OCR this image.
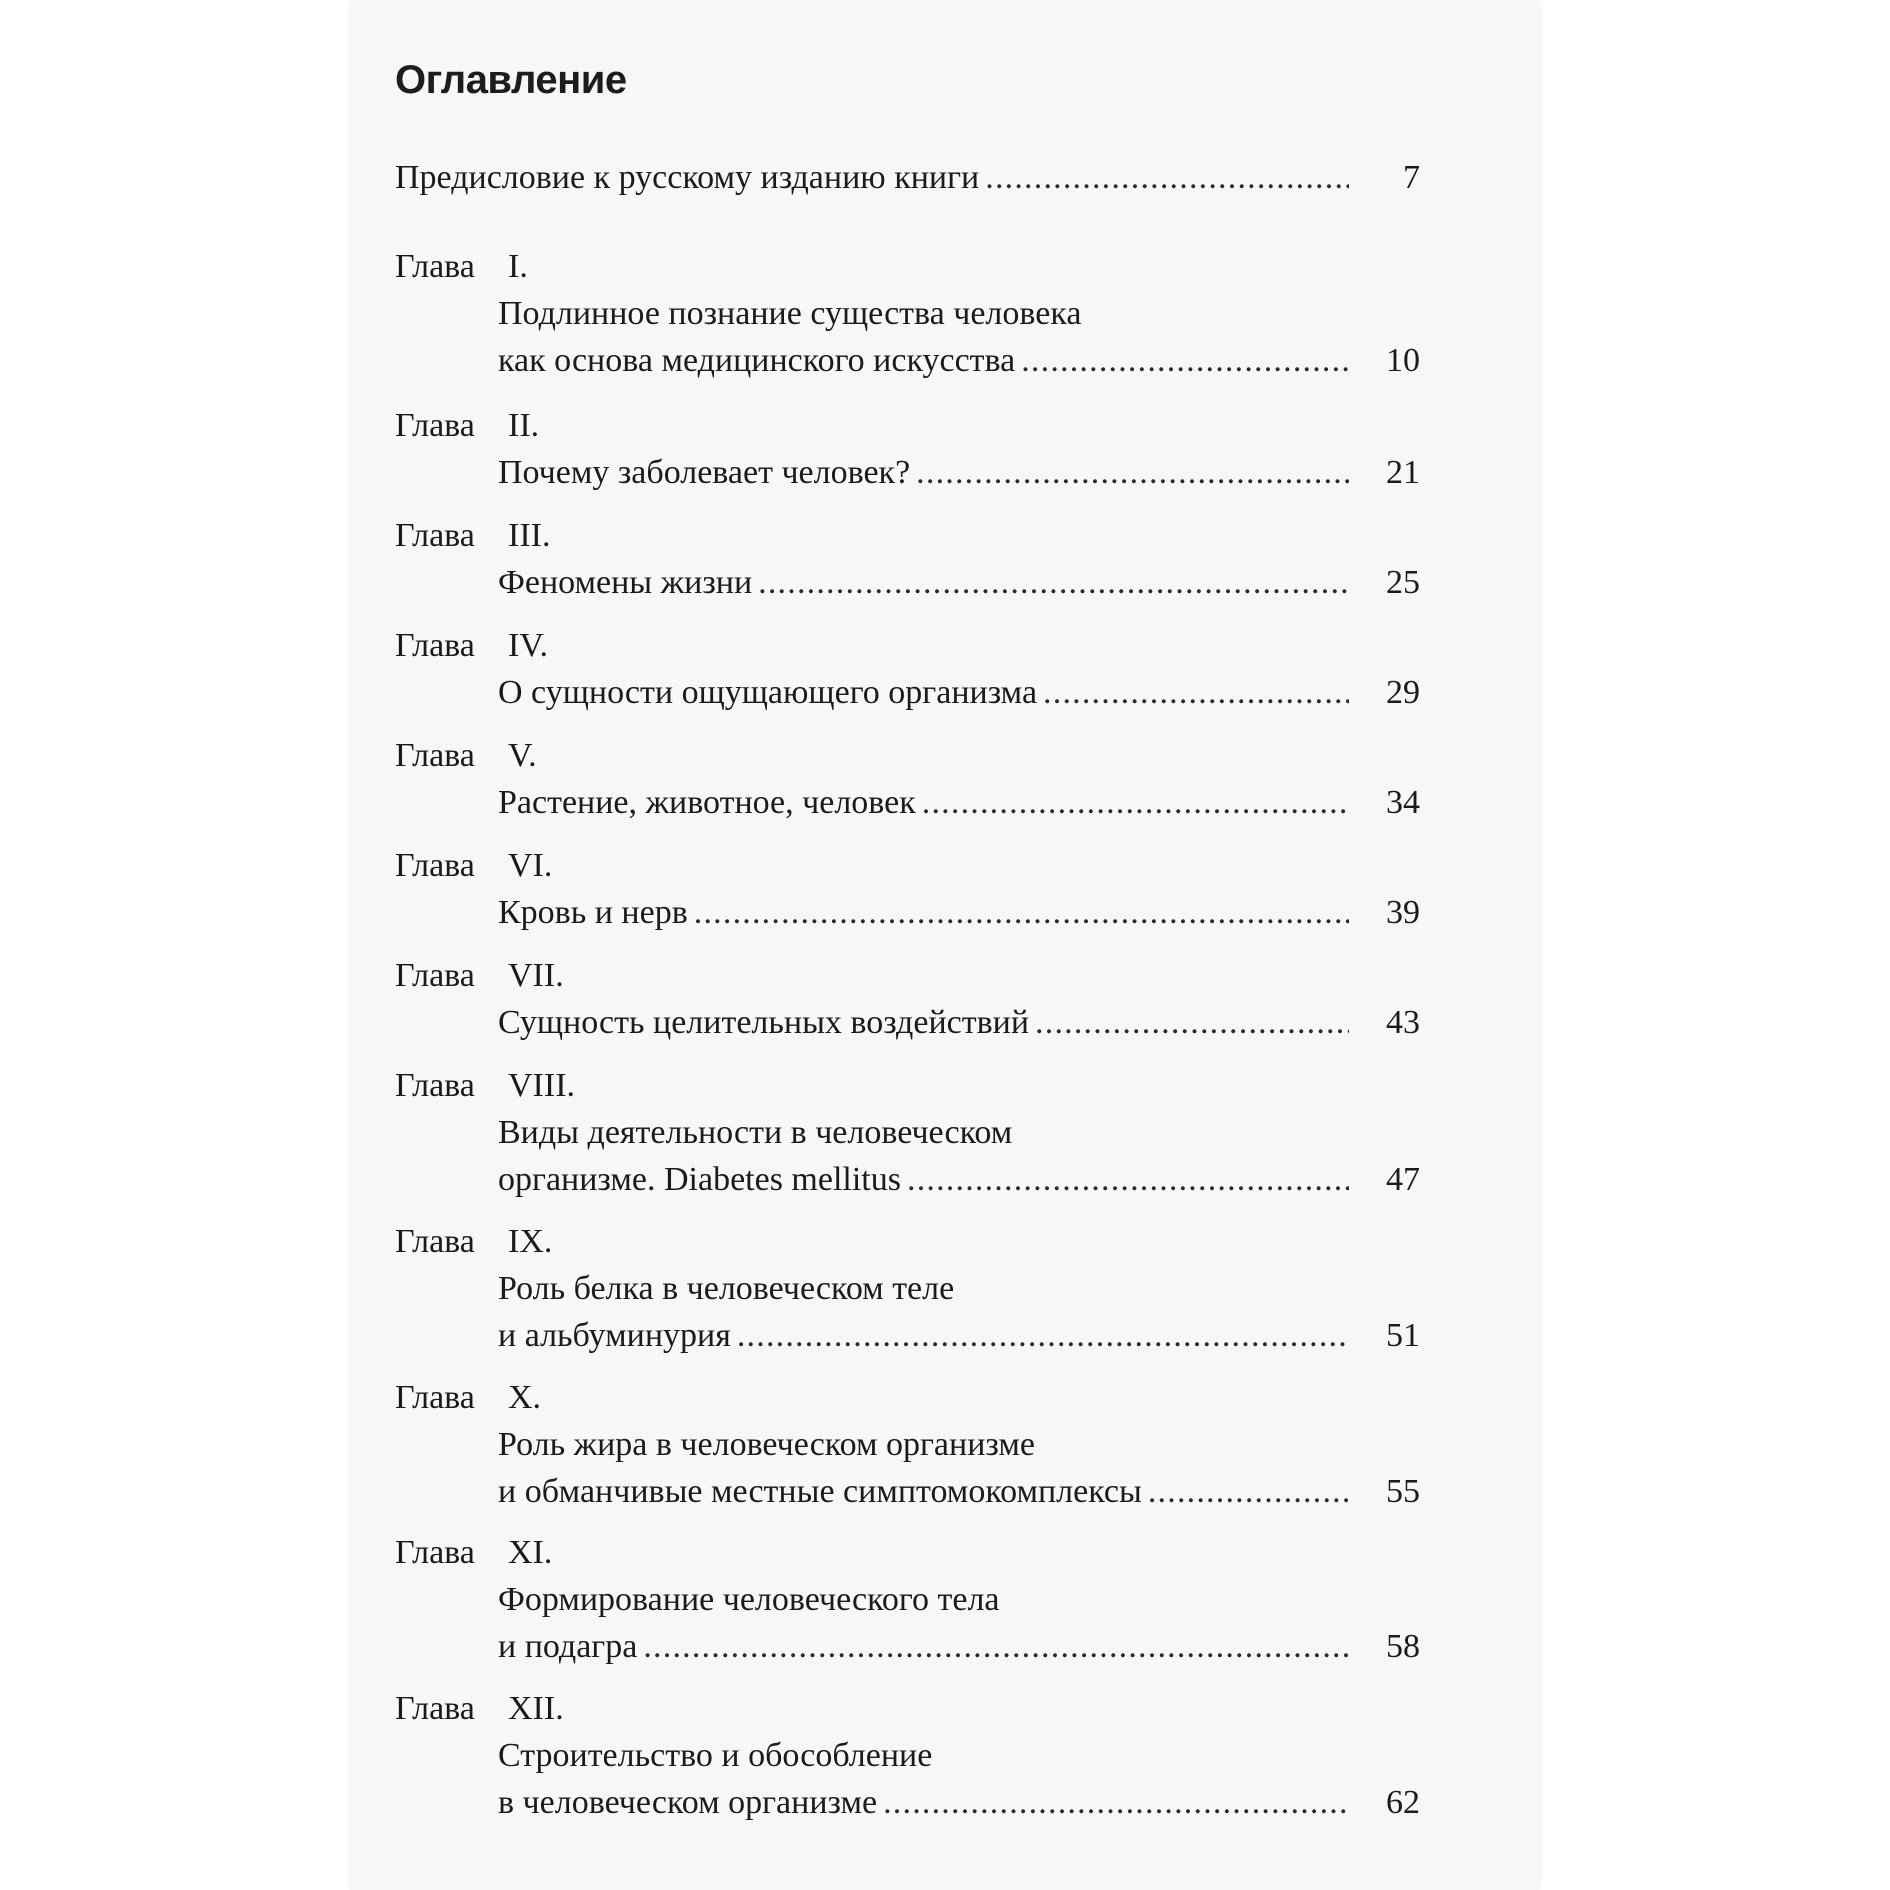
Оглавление
Предисловие к русскому изданию книги .....	7
Глава I.
Подлинное познание существа человека
как основа медицинского искусства .....	10
Глава II.
Почему заболевает человек? .....	21
Глава III.
Феномены жизни .....	25
Глава IV.
О сущности ощущающего организма .....	29
Глава V.
Растение, животное, человек .....	34
Глава VI.
Кровь и нерв .....	39
Глава VII.
Сущность целительных воздействий .....	43
Глава VIII.
Виды деятельности в человеческом
организме. Diabetes mellitus .....	47
Глава IX.
Роль белка в человеческом теле
и альбуминурия .....	51
Глава X.
Роль жира в человеческом организме
и обманчивые местные симптомокомплексы .....	55
Глава XI.
Формирование человеческого тела
и подагра .....	58
Глава XII.
Строительство и обособление
в человеческом организме .....	62
